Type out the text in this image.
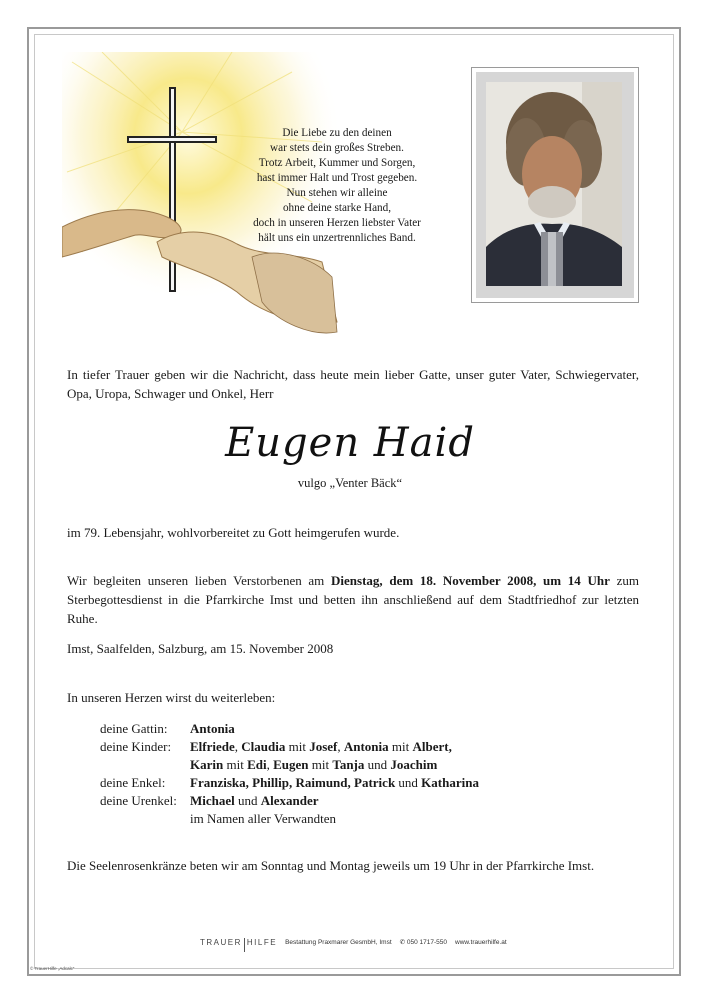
Die Liebe zu den deinen
war stets dein großes Streben.
Trotz Arbeit, Kummer und Sorgen,
hast immer Halt und Trost gegeben.
Nun stehen wir alleine
ohne deine starke Hand,
doch in unseren Herzen liebster Vater
hält uns ein unzertrennliches Band.
In tiefer Trauer geben wir die Nachricht, dass heute mein lieber Gatte, unser guter Vater, Schwiegervater, Opa, Uropa, Schwager und Onkel, Herr
Eugen Haid
vulgo „Venter Bäck“
im 79. Lebensjahr, wohlvorbereitet zu Gott heimgerufen wurde.
Wir begleiten unseren lieben Verstorbenen am Dienstag, dem 18. November 2008, um 14 Uhr zum Sterbegottesdienst in die Pfarrkirche Imst und betten ihn anschließend auf dem Stadtfriedhof zur letzten Ruhe.
Imst, Saalfelden, Salzburg, am 15. November 2008
In unseren Herzen wirst du weiterleben:
deine Gattin:	Antonia
deine Kinder:	Elfriede, Claudia mit Josef, Antonia mit Albert,
Karin mit Edi, Eugen mit Tanja und Joachim
deine Enkel:	Franziska, Phillip, Raimund, Patrick und Katharina
deine Urenkel:	Michael und Alexander
im Namen aller Verwandten
Die Seelenrosenkränze beten wir am Sonntag und Montag jeweils um 19 Uhr in der Pfarrkirche Imst.
TRAUER HILFE Bestattung Praxmarer GesmbH, Imst ✆ 050 1717-550 www.trauerhilfe.at
© TrauerHilfe „Adcalc“
